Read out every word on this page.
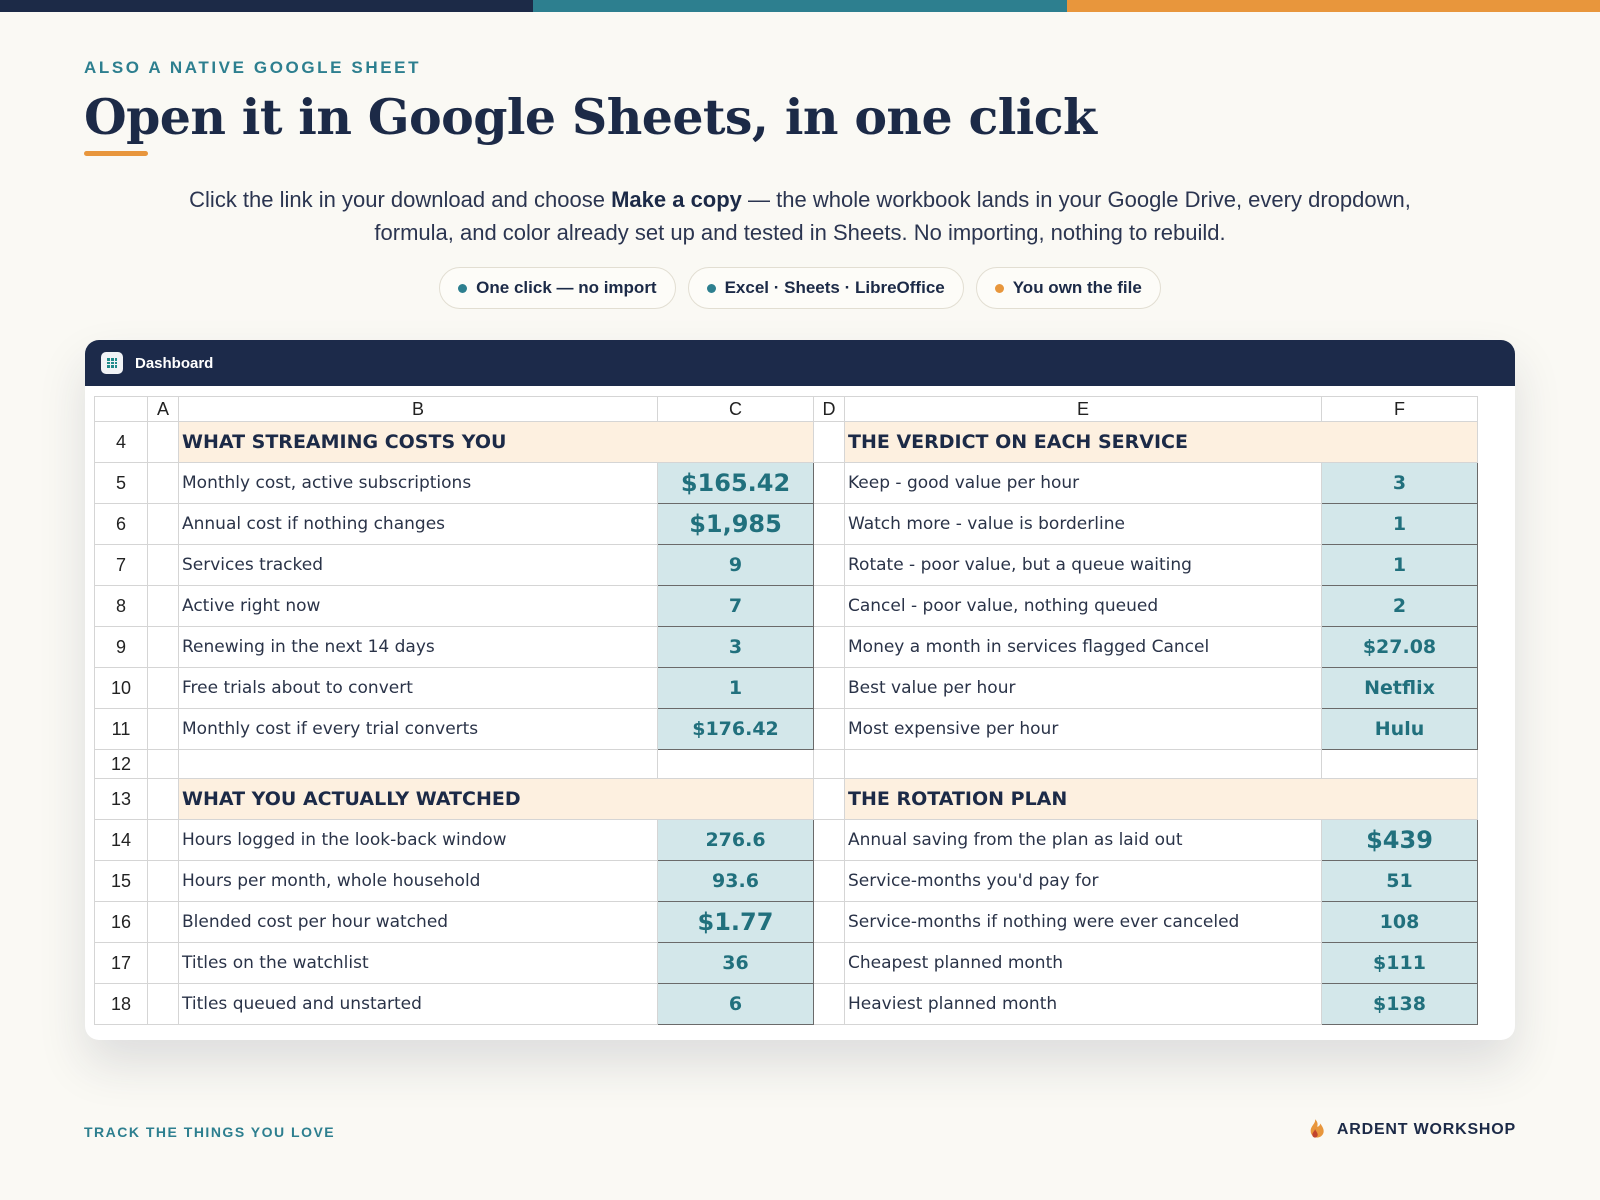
ALSO A NATIVE GOOGLE SHEET
Open it in Google Sheets, in one click

Click the link in your download and choose Make a copy — the whole workbook lands in your Google Drive, every dropdown, formula, and color already set up and tested in Sheets. No importing, nothing to rebuild.

One click — no import	Excel · Sheets · LibreOffice	You own the file
Dashboard
	A	B	C	D	E	F
4		WHAT STREAMING COSTS YOU			THE VERDICT ON EACH SERVICE	
5		Monthly cost, active subscriptions	$165.42		Keep - good value per hour	3
6		Annual cost if nothing changes	$1,985		Watch more - value is borderline	1
7		Services tracked	9		Rotate - poor value, but a queue waiting	1
8		Active right now	7		Cancel - poor value, nothing queued	2
9		Renewing in the next 14 days	3		Money a month in services flagged Cancel	$27.08
10		Free trials about to convert	1		Best value per hour	Netflix
11		Monthly cost if every trial converts	$176.42		Most expensive per hour	Hulu
12						
13		WHAT YOU ACTUALLY WATCHED			THE ROTATION PLAN	
14		Hours logged in the look-back window	276.6		Annual saving from the plan as laid out	$439
15		Hours per month, whole household	93.6		Service-months you'd pay for	51
16		Blended cost per hour watched	$1.77		Service-months if nothing were ever canceled	108
17		Titles on the watchlist	36		Cheapest planned month	$111
18		Titles queued and unstarted	6		Heaviest planned month	$138
TRACK THE THINGS YOU LOVE	ARDENT WORKSHOP
